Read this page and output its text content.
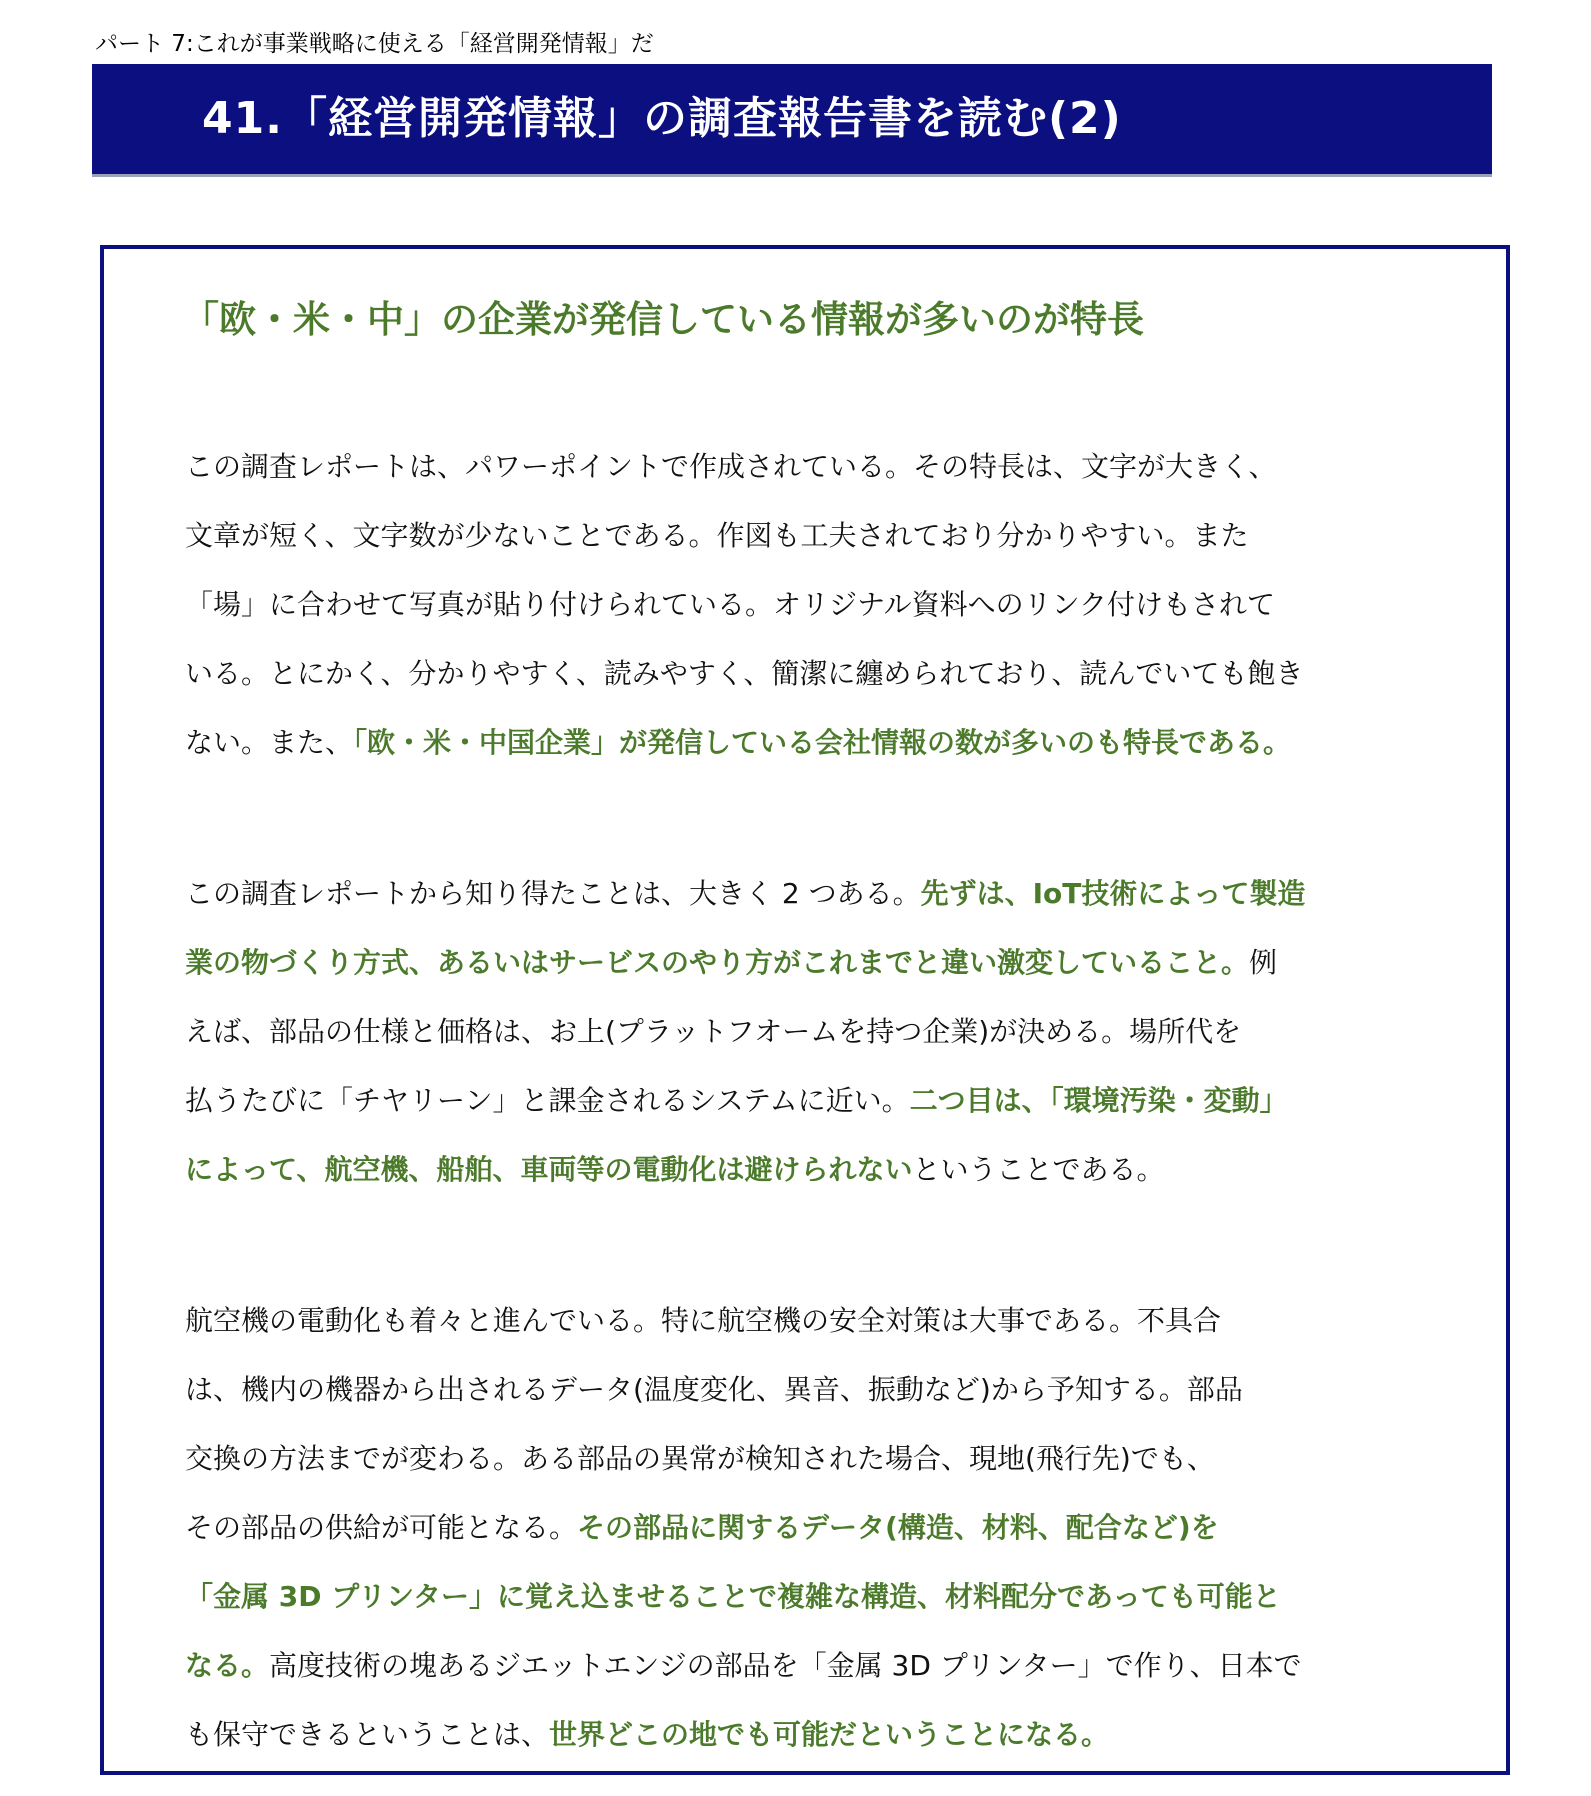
パート 7:これが事業戦略に使える「経営開発情報」だ
41.「経営開発情報」の調査報告書を読む(2)
「欧・米・中」の企業が発信している情報が多いのが特長
この調査レポートは、パワーポイントで作成されている。その特長は、文字が大きく、
文章が短く、文字数が少ないことである。作図も工夫されており分かりやすい。また
「場」に合わせて写真が貼り付けられている。オリジナル資料へのリンク付けもされて
いる。とにかく、分かりやすく、読みやすく、簡潔に纏められており、読んでいても飽き
ない。また、「欧・米・中国企業」が発信している会社情報の数が多いのも特長である。
この調査レポートから知り得たことは、大きく 2 つある。先ずは、IoT技術によって製造
業の物づくり方式、あるいはサービスのやり方がこれまでと違い激変していること。例
えば、部品の仕様と価格は、お上(プラットフオームを持つ企業)が決める。場所代を
払うたびに「チヤリーン」と課金されるシステムに近い。二つ目は、「環境汚染・変動」
によって、航空機、船舶、車両等の電動化は避けられないということである。
航空機の電動化も着々と進んでいる。特に航空機の安全対策は大事である。不具合
は、機内の機器から出されるデータ(温度変化、異音、振動など)から予知する。部品
交換の方法までが変わる。ある部品の異常が検知された場合、現地(飛行先)でも、
その部品の供給が可能となる。その部品に関するデータ(構造、材料、配合など)を
「金属 3D プリンター」に覚え込ませることで複雑な構造、材料配分であっても可能と
なる。高度技術の塊あるジエットエンジの部品を「金属 3D プリンター」で作り、日本で
も保守できるということは、世界どこの地でも可能だということになる。
